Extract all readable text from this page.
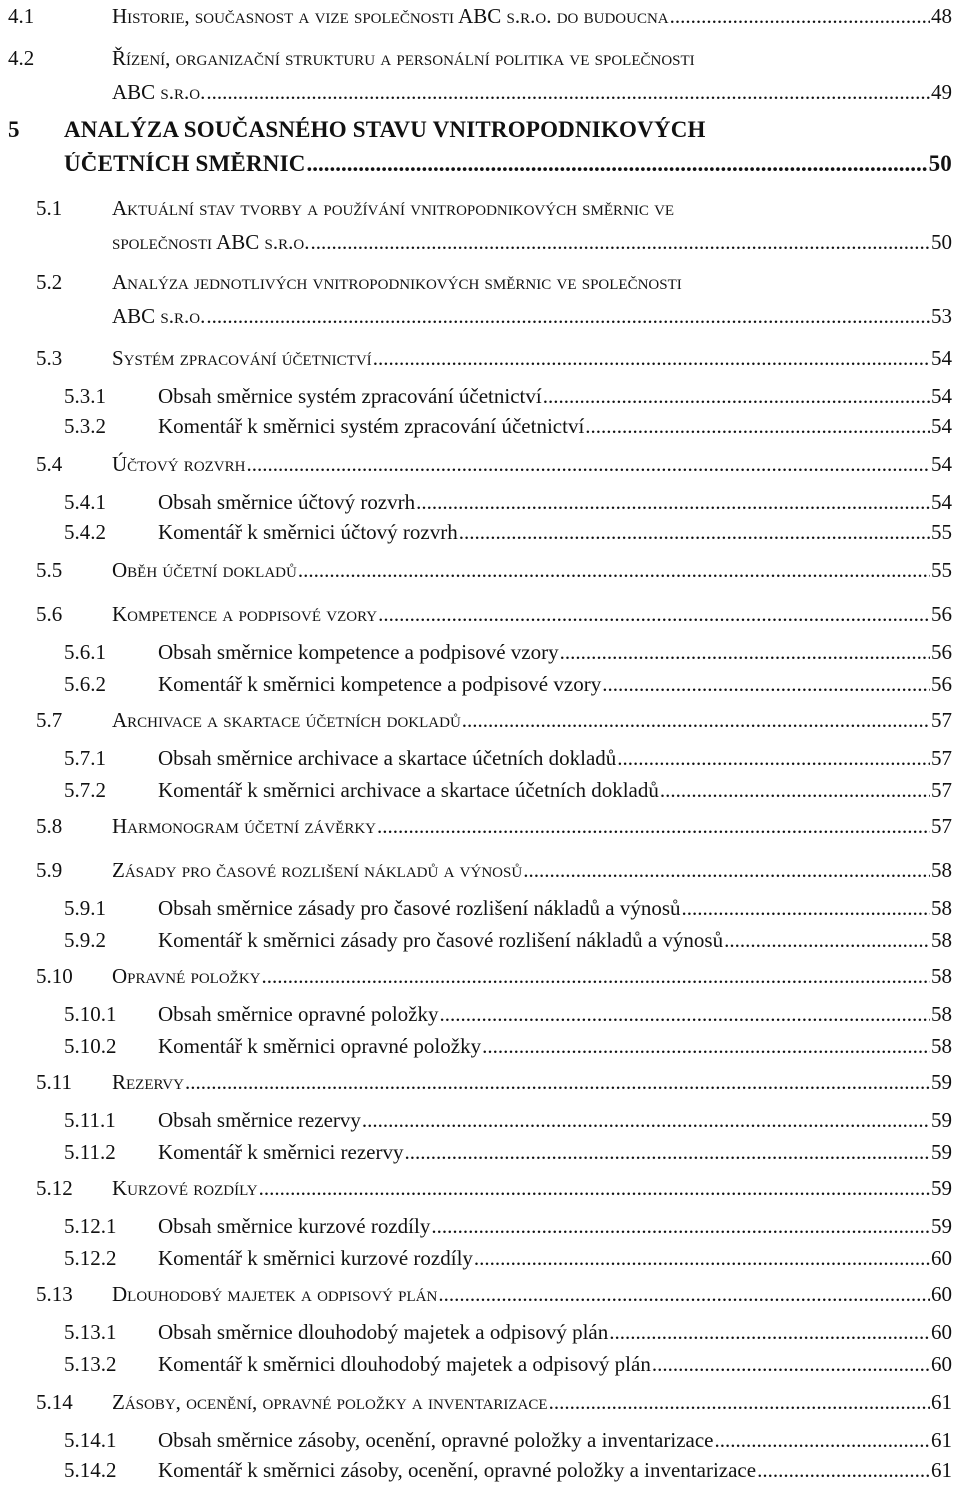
4.1	Historie, současnost a vize společnosti ABC s.r.o. do budoucna .....	48
4.2	Řízení, organizační strukturu a personální politika ve společnosti
ABC s.r.o. .....	49
5 ANALÝZA SOUČASNÉHO STAVU VNITROPODNIKOVÝCH
ÚČETNÍCH SMĚRNIC .....	50
5.1 Aktuální stav tvorby a používání vnitropodnikových směrnic ve
společnosti ABC s.r.o. .....	50
5.2 Analýza jednotlivých vnitropodnikových směrnic ve společnosti
ABC s.r.o. .....	53
5.3 Systém zpracování účetnictví .....	54
5.3.1 Obsah směrnice systém zpracování účetnictví .....	54
5.3.2 Komentář k směrnici systém zpracování účetnictví .....	54
5.4 Účtový rozvrh .....	54
5.4.1 Obsah směrnice účtový rozvrh .....	54
5.4.2 Komentář k směrnici účtový rozvrh .....	55
5.5 Oběh účetní dokladů .....	55
5.6 Kompetence a podpisové vzory .....	56
5.6.1 Obsah směrnice kompetence a podpisové vzory .....	56
5.6.2 Komentář k směrnici kompetence a podpisové vzory .....	56
5.7 Archivace a skartace účetních dokladů .....	57
5.7.1 Obsah směrnice archivace a skartace účetních dokladů .....	57
5.7.2 Komentář k směrnici archivace a skartace účetních dokladů .....	57
5.8 Harmonogram účetní závěrky .....	57
5.9 Zásady pro časové rozlišení nákladů a výnosů .....	58
5.9.1 Obsah směrnice zásady pro časové rozlišení nákladů a výnosů .....	58
5.9.2 Komentář k směrnici zásady pro časové rozlišení nákladů a výnosů .....	58
5.10 Opravné položky .....	58
5.10.1 Obsah směrnice opravné položky .....	58
5.10.2 Komentář k směrnici opravné položky .....	58
5.11 Rezervy .....	59
5.11.1 Obsah směrnice rezervy .....	59
5.11.2 Komentář k směrnici rezervy .....	59
5.12 Kurzové rozdíly .....	59
5.12.1 Obsah směrnice kurzové rozdíly .....	59
5.12.2 Komentář k směrnici kurzové rozdíly .....	60
5.13 Dlouhodobý majetek a odpisový plán .....	60
5.13.1 Obsah směrnice dlouhodobý majetek a odpisový plán .....	60
5.13.2 Komentář k směrnici dlouhodobý majetek a odpisový plán .....	60
5.14 Zásoby, ocenění, opravné položky a inventarizace .....	61
5.14.1 Obsah směrnice zásoby, ocenění, opravné položky a inventarizace .....	61
5.14.2 Komentář k směrnici zásoby, ocenění, opravné položky a inventarizace .....	61
